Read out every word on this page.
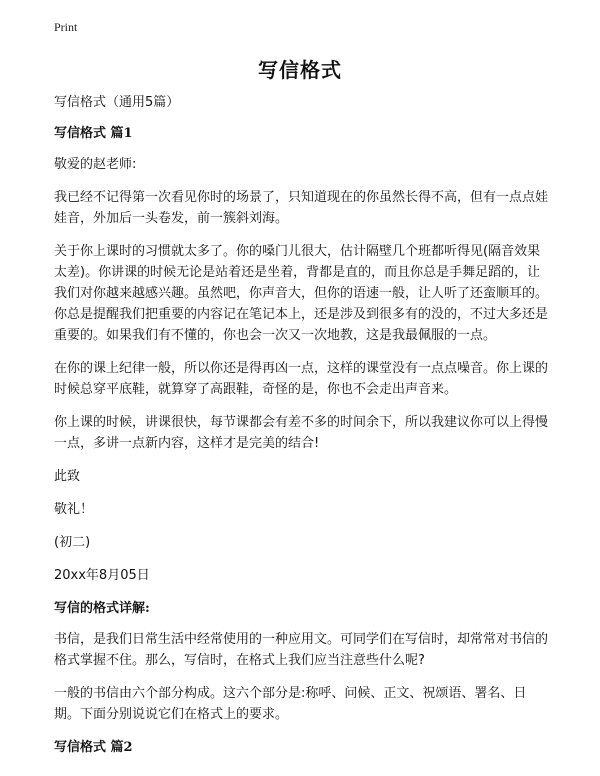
Print
写信格式
写信格式（通用5篇）
写信格式 篇1
敬爱的赵老师:
我已经不记得第一次看见你时的场景了，只知道现在的你虽然长得不高，但有一点点娃娃音，外加后一头卷发，前一簇斜刘海。
关于你上课时的习惯就太多了。你的嗓门儿很大，估计隔壁几个班都听得见(隔音效果太差)。你讲课的时候无论是站着还是坐着，背都是直的，而且你总是手舞足蹈的，让我们对你越来越感兴趣。虽然吧，你声音大，但你的语速一般，让人听了还蛮顺耳的。你总是提醒我们把重要的内容记在笔记本上，还是涉及到很多有的没的，不过大多还是重要的。如果我们有不懂的，你也会一次又一次地教，这是我最佩服的一点。
在你的课上纪律一般，所以你还是得再凶一点，这样的课堂没有一点点噪音。你上课的时候总穿平底鞋，就算穿了高跟鞋，奇怪的是，你也不会走出声音来。
你上课的时候，讲课很快，每节课都会有差不多的时间余下，所以我建议你可以上得慢一点，多讲一点新内容，这样才是完美的结合!
此致
敬礼！
(初二)
20xx年8月05日
写信的格式详解:
书信，是我们日常生活中经常使用的一种应用文。可同学们在写信时，却常常对书信的格式掌握不住。那么，写信时，在格式上我们应当注意些什么呢?
一般的书信由六个部分构成。这六个部分是:称呼、问候、正文、祝颂语、署名、日期。下面分别说说它们在格式上的要求。
写信格式 篇2
